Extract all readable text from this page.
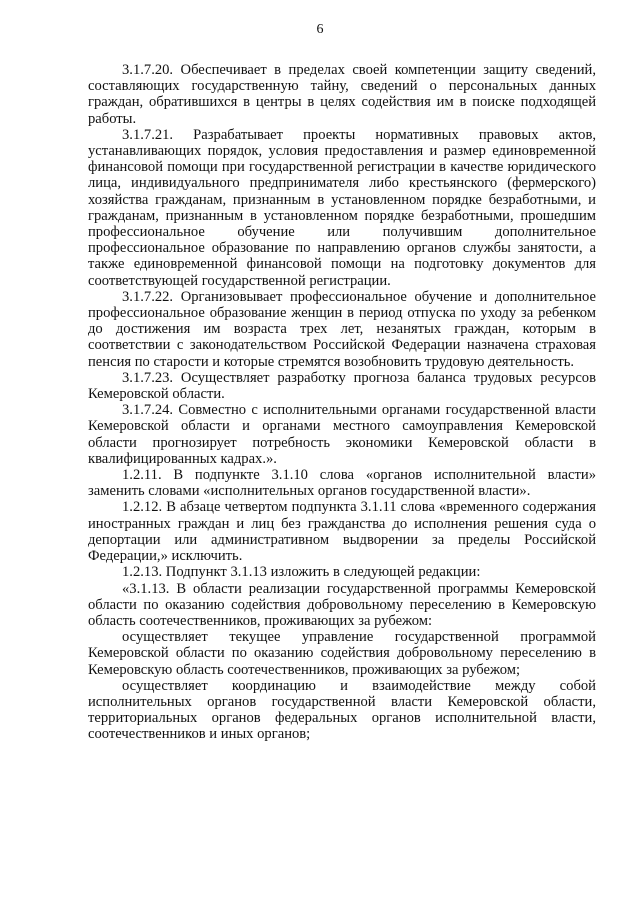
6

3.1.7.20. Обеспечивает в пределах своей компетенции защиту сведений, составляющих государственную тайну, сведений о персональных данных граждан, обратившихся в центры в целях содействия им в поиске подходящей работы.

3.1.7.21. Разрабатывает проекты нормативных правовых актов, устанавливающих порядок, условия предоставления и размер единовременной финансовой помощи при государственной регистрации в качестве юридического лица, индивидуального предпринимателя либо крестьянского (фермерского) хозяйства гражданам, признанным в установленном порядке безработными, и гражданам, признанным в установленном порядке безработными, прошедшим профессиональное обучение или получившим дополнительное профессиональное образование по направлению органов службы занятости, а также единовременной финансовой помощи на подготовку документов для соответствующей государственной регистрации.

3.1.7.22. Организовывает профессиональное обучение и дополнительное профессиональное образование женщин в период отпуска по уходу за ребенком до достижения им возраста трех лет, незанятых граждан, которым в соответствии с законодательством Российской Федерации назначена страховая пенсия по старости и которые стремятся возобновить трудовую деятельность.

3.1.7.23. Осуществляет разработку прогноза баланса трудовых ресурсов Кемеровской области.

3.1.7.24. Совместно с исполнительными органами государственной власти Кемеровской области и органами местного самоуправления Кемеровской области прогнозирует потребность экономики Кемеровской области в квалифицированных кадрах.».

1.2.11. В подпункте 3.1.10 слова «органов исполнительной власти» заменить словами «исполнительных органов государственной власти».

1.2.12. В абзаце четвертом подпункта 3.1.11 слова «временного содержания иностранных граждан и лиц без гражданства до исполнения решения суда о депортации или административном выдворении за пределы Российской Федерации,» исключить.

1.2.13. Подпункт 3.1.13 изложить в следующей редакции:

«3.1.13. В области реализации государственной программы Кемеровской области по оказанию содействия добровольному переселению в Кемеровскую область соотечественников, проживающих за рубежом:

осуществляет текущее управление государственной программой Кемеровской области по оказанию содействия добровольному переселению в Кемеровскую область соотечественников, проживающих за рубежом;

осуществляет координацию и взаимодействие между собой исполнительных органов государственной власти Кемеровской области, территориальных органов федеральных органов исполнительной власти, соотечественников и иных органов;
